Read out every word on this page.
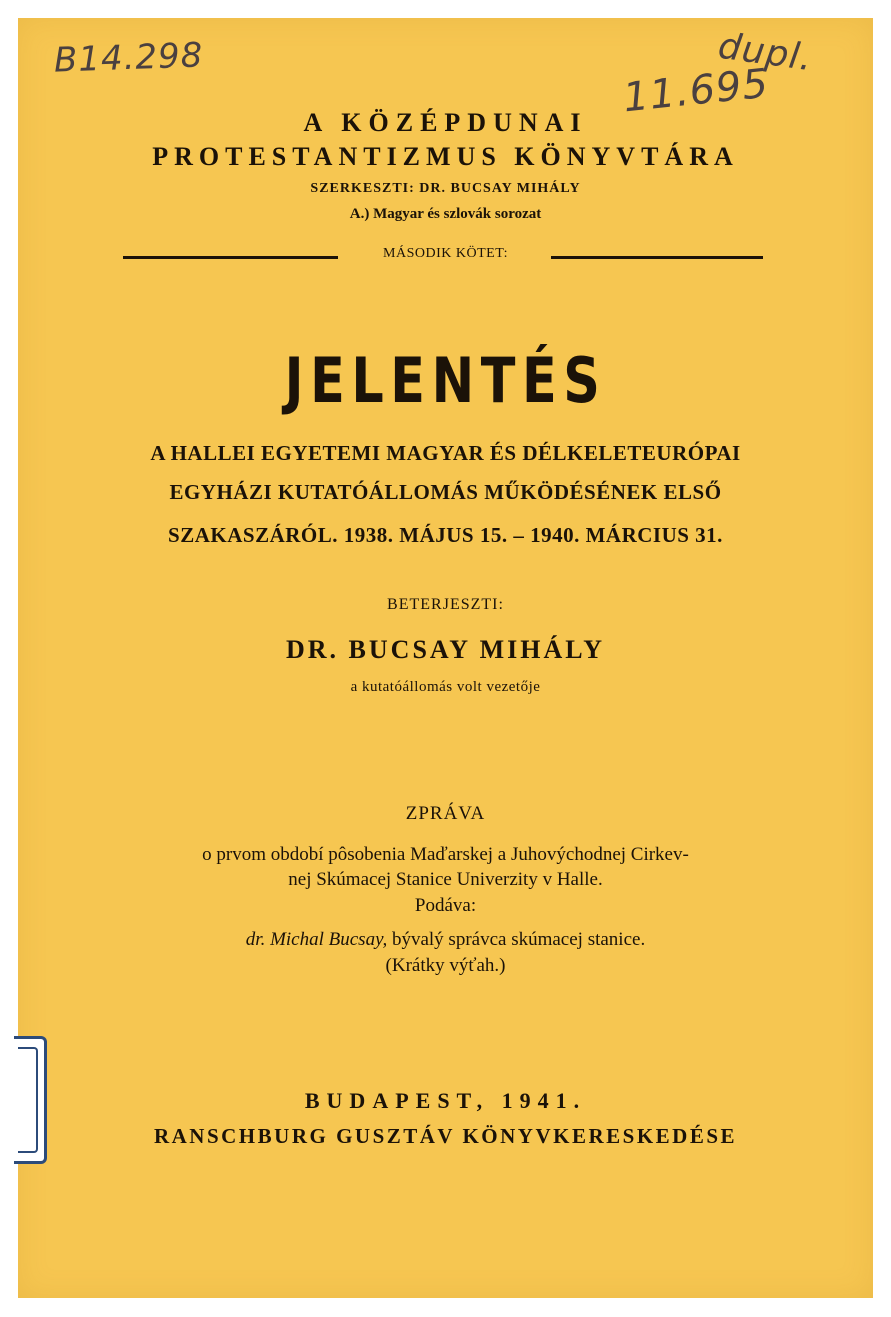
B14.298
11.695
dupl.
A KÖZÉPDUNAI
PROTESTANTIZMUS KÖNYVTÁRA
SZERKESZTI: DR. BUCSAY MIHÁLY
A.) Magyar és szlovák sorozat
MÁSODIK KÖTET:
JELENTÉS
A HALLEI EGYETEMI MAGYAR ÉS DÉLKELETEURÓPAI
EGYHÁZI KUTATÓÁLLOMÁS MŰKÖDÉSÉNEK ELSŐ
SZAKASZÁRÓL. 1938. MÁJUS 15. – 1940. MÁRCIUS 31.
BETERJESZTI:
DR. BUCSAY MIHÁLY
a kutatóállomás volt vezetője
ZPRÁVA
o prvom období pôsobenia Maďarskej a Juhovýchodnej Cirkev-
nej Skúmacej Stanice Univerzity v Halle.
Podáva:
dr. Michal Bucsay, bývalý správca skúmacej stanice.
(Krátky výťah.)
BUDAPEST, 1941.
RANSCHBURG GUSZTÁV KÖNYVKERESKEDÉSE
